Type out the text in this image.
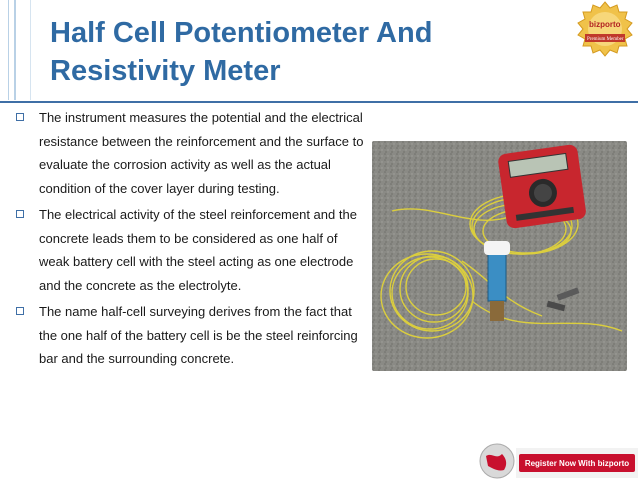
Half Cell Potentiometer And Resistivity Meter
bizporto
Premium Member
The instrument measures the potential and the electrical resistance between the reinforcement and the surface to evaluate the corrosion activity as well as the actual condition of the cover layer during testing.
The electrical activity of the steel reinforcement and the concrete leads them to be considered as one half of weak battery cell with the steel acting as one electrode and the concrete as the electrolyte.
The name half-cell surveying derives from the fact that the one half of the battery cell is be the steel reinforcing bar and the surrounding concrete.
Register Now With bizporto
